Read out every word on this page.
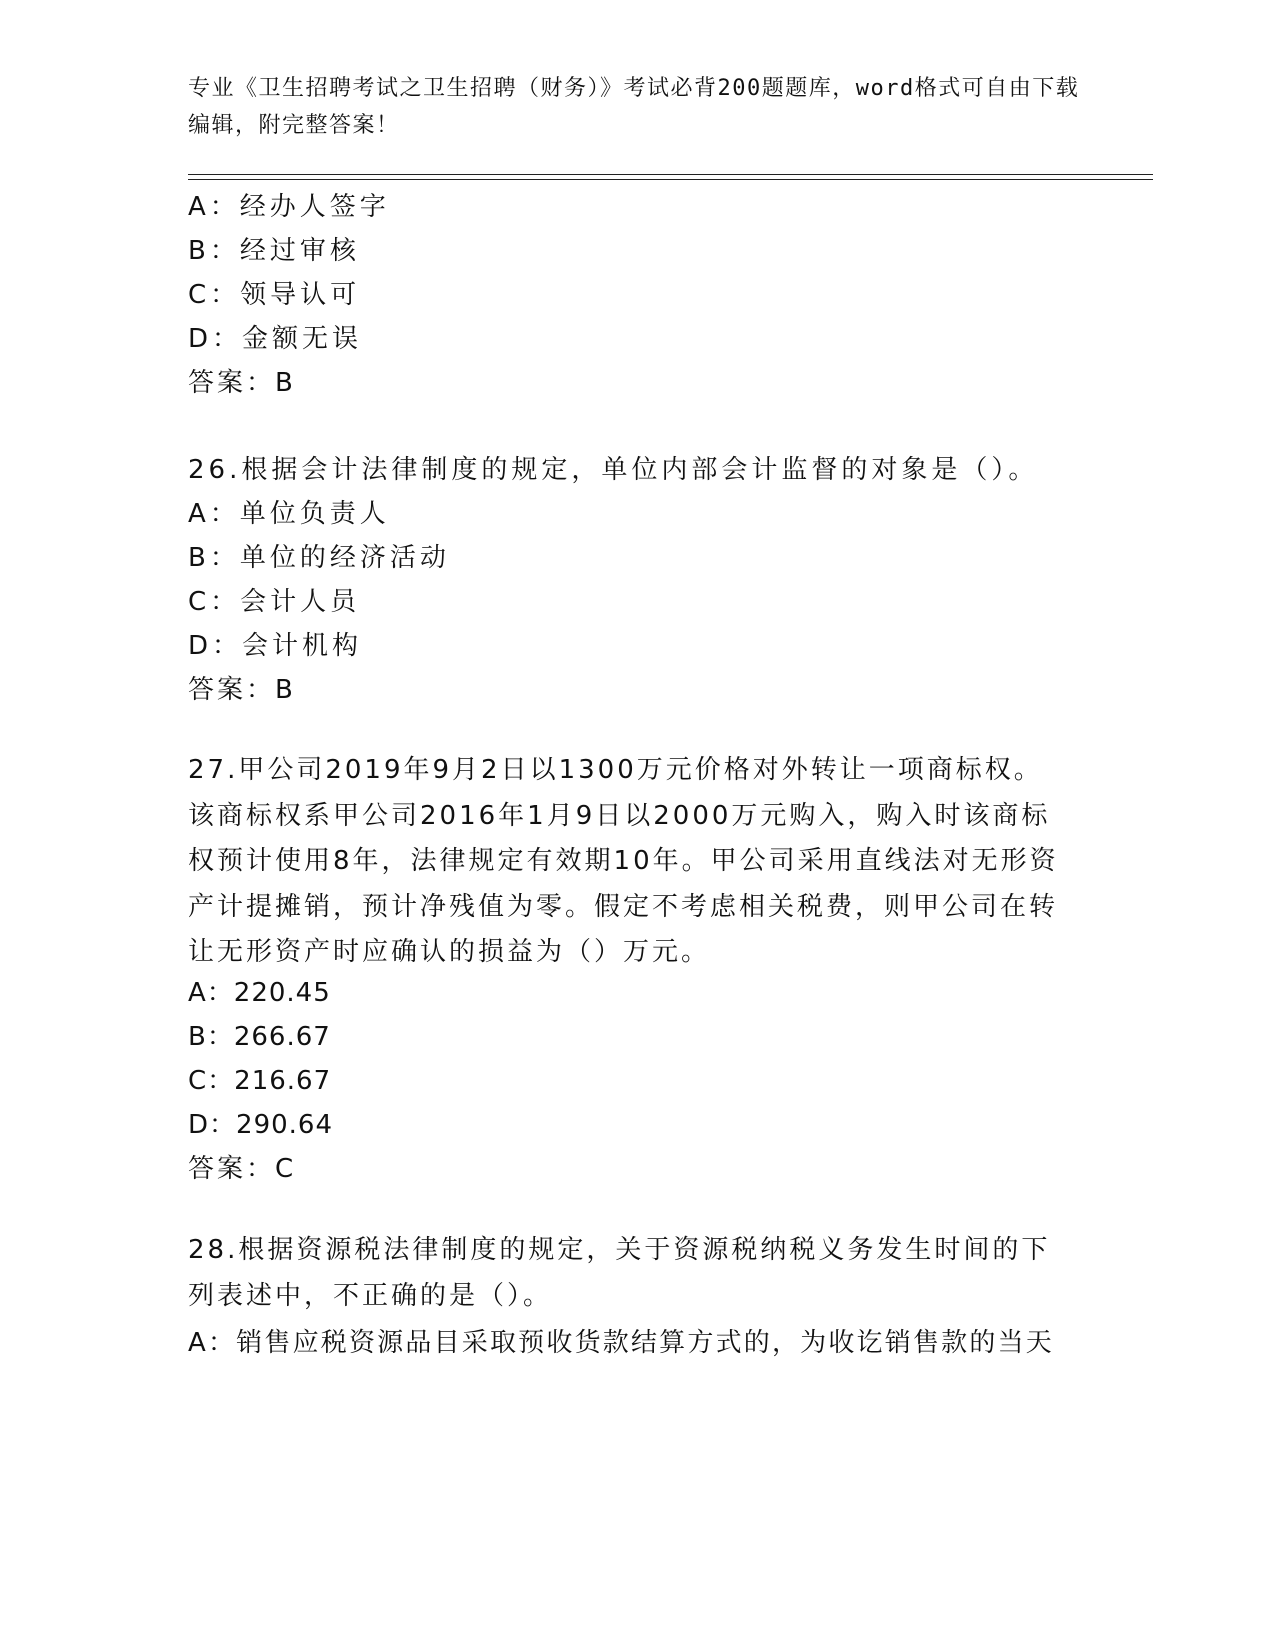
专业《卫生招聘考试之卫生招聘（财务）》考试必背200题题库，word格式可自由下载编辑，附完整答案！
A：经办人签字
B：经过审核
C：领导认可
D：金额无误
答案：B
26.根据会计法律制度的规定，单位内部会计监督的对象是（）。
A：单位负责人
B：单位的经济活动
C：会计人员
D：会计机构
答案：B
27.甲公司2019年9月2日以1300万元价格对外转让一项商标权。该商标权系甲公司2016年1月9日以2000万元购入，购入时该商标权预计使用8年，法律规定有效期10年。甲公司采用直线法对无形资产计提摊销，预计净残值为零。假定不考虑相关税费，则甲公司在转让无形资产时应确认的损益为（）万元。
A：220.45
B：266.67
C：216.67
D：290.64
答案：C
28.根据资源税法律制度的规定，关于资源税纳税义务发生时间的下列表述中，不正确的是（）。
A：销售应税资源品目采取预收货款结算方式的，为收讫销售款的当天
